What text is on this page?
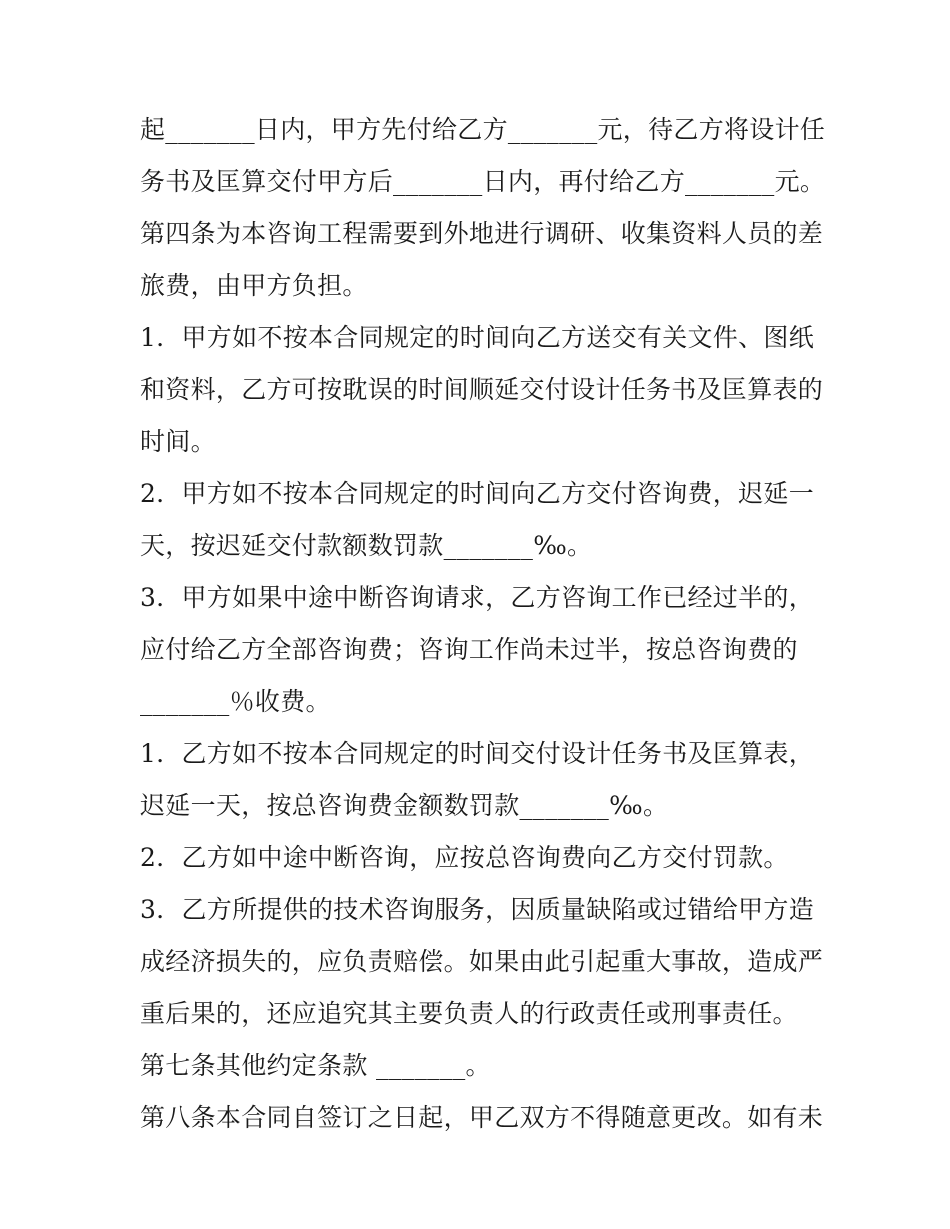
起_______日内，甲方先付给乙方_______元，待乙方将设计任
务书及匡算交付甲方后_______日内，再付给乙方_______元。
第四条为本咨询工程需要到外地进行调研、收集资料人员的差
旅费，由甲方负担。
1．甲方如不按本合同规定的时间向乙方送交有关文件、图纸
和资料，乙方可按耽误的时间顺延交付设计任务书及匡算表的
时间。
2．甲方如不按本合同规定的时间向乙方交付咨询费，迟延一
天，按迟延交付款额数罚款_______‰。
3．甲方如果中途中断咨询请求，乙方咨询工作已经过半的，
应付给乙方全部咨询费；咨询工作尚未过半，按总咨询费的
_______％收费。
1．乙方如不按本合同规定的时间交付设计任务书及匡算表，
迟延一天，按总咨询费金额数罚款_______‰。
2．乙方如中途中断咨询，应按总咨询费向乙方交付罚款。
3．乙方所提供的技术咨询服务，因质量缺陷或过错给甲方造
成经济损失的，应负责赔偿。如果由此引起重大事故，造成严
重后果的，还应追究其主要负责人的行政责任或刑事责任。
第七条其他约定条款 _______。
第八条本合同自签订之日起，甲乙双方不得随意更改。如有未
